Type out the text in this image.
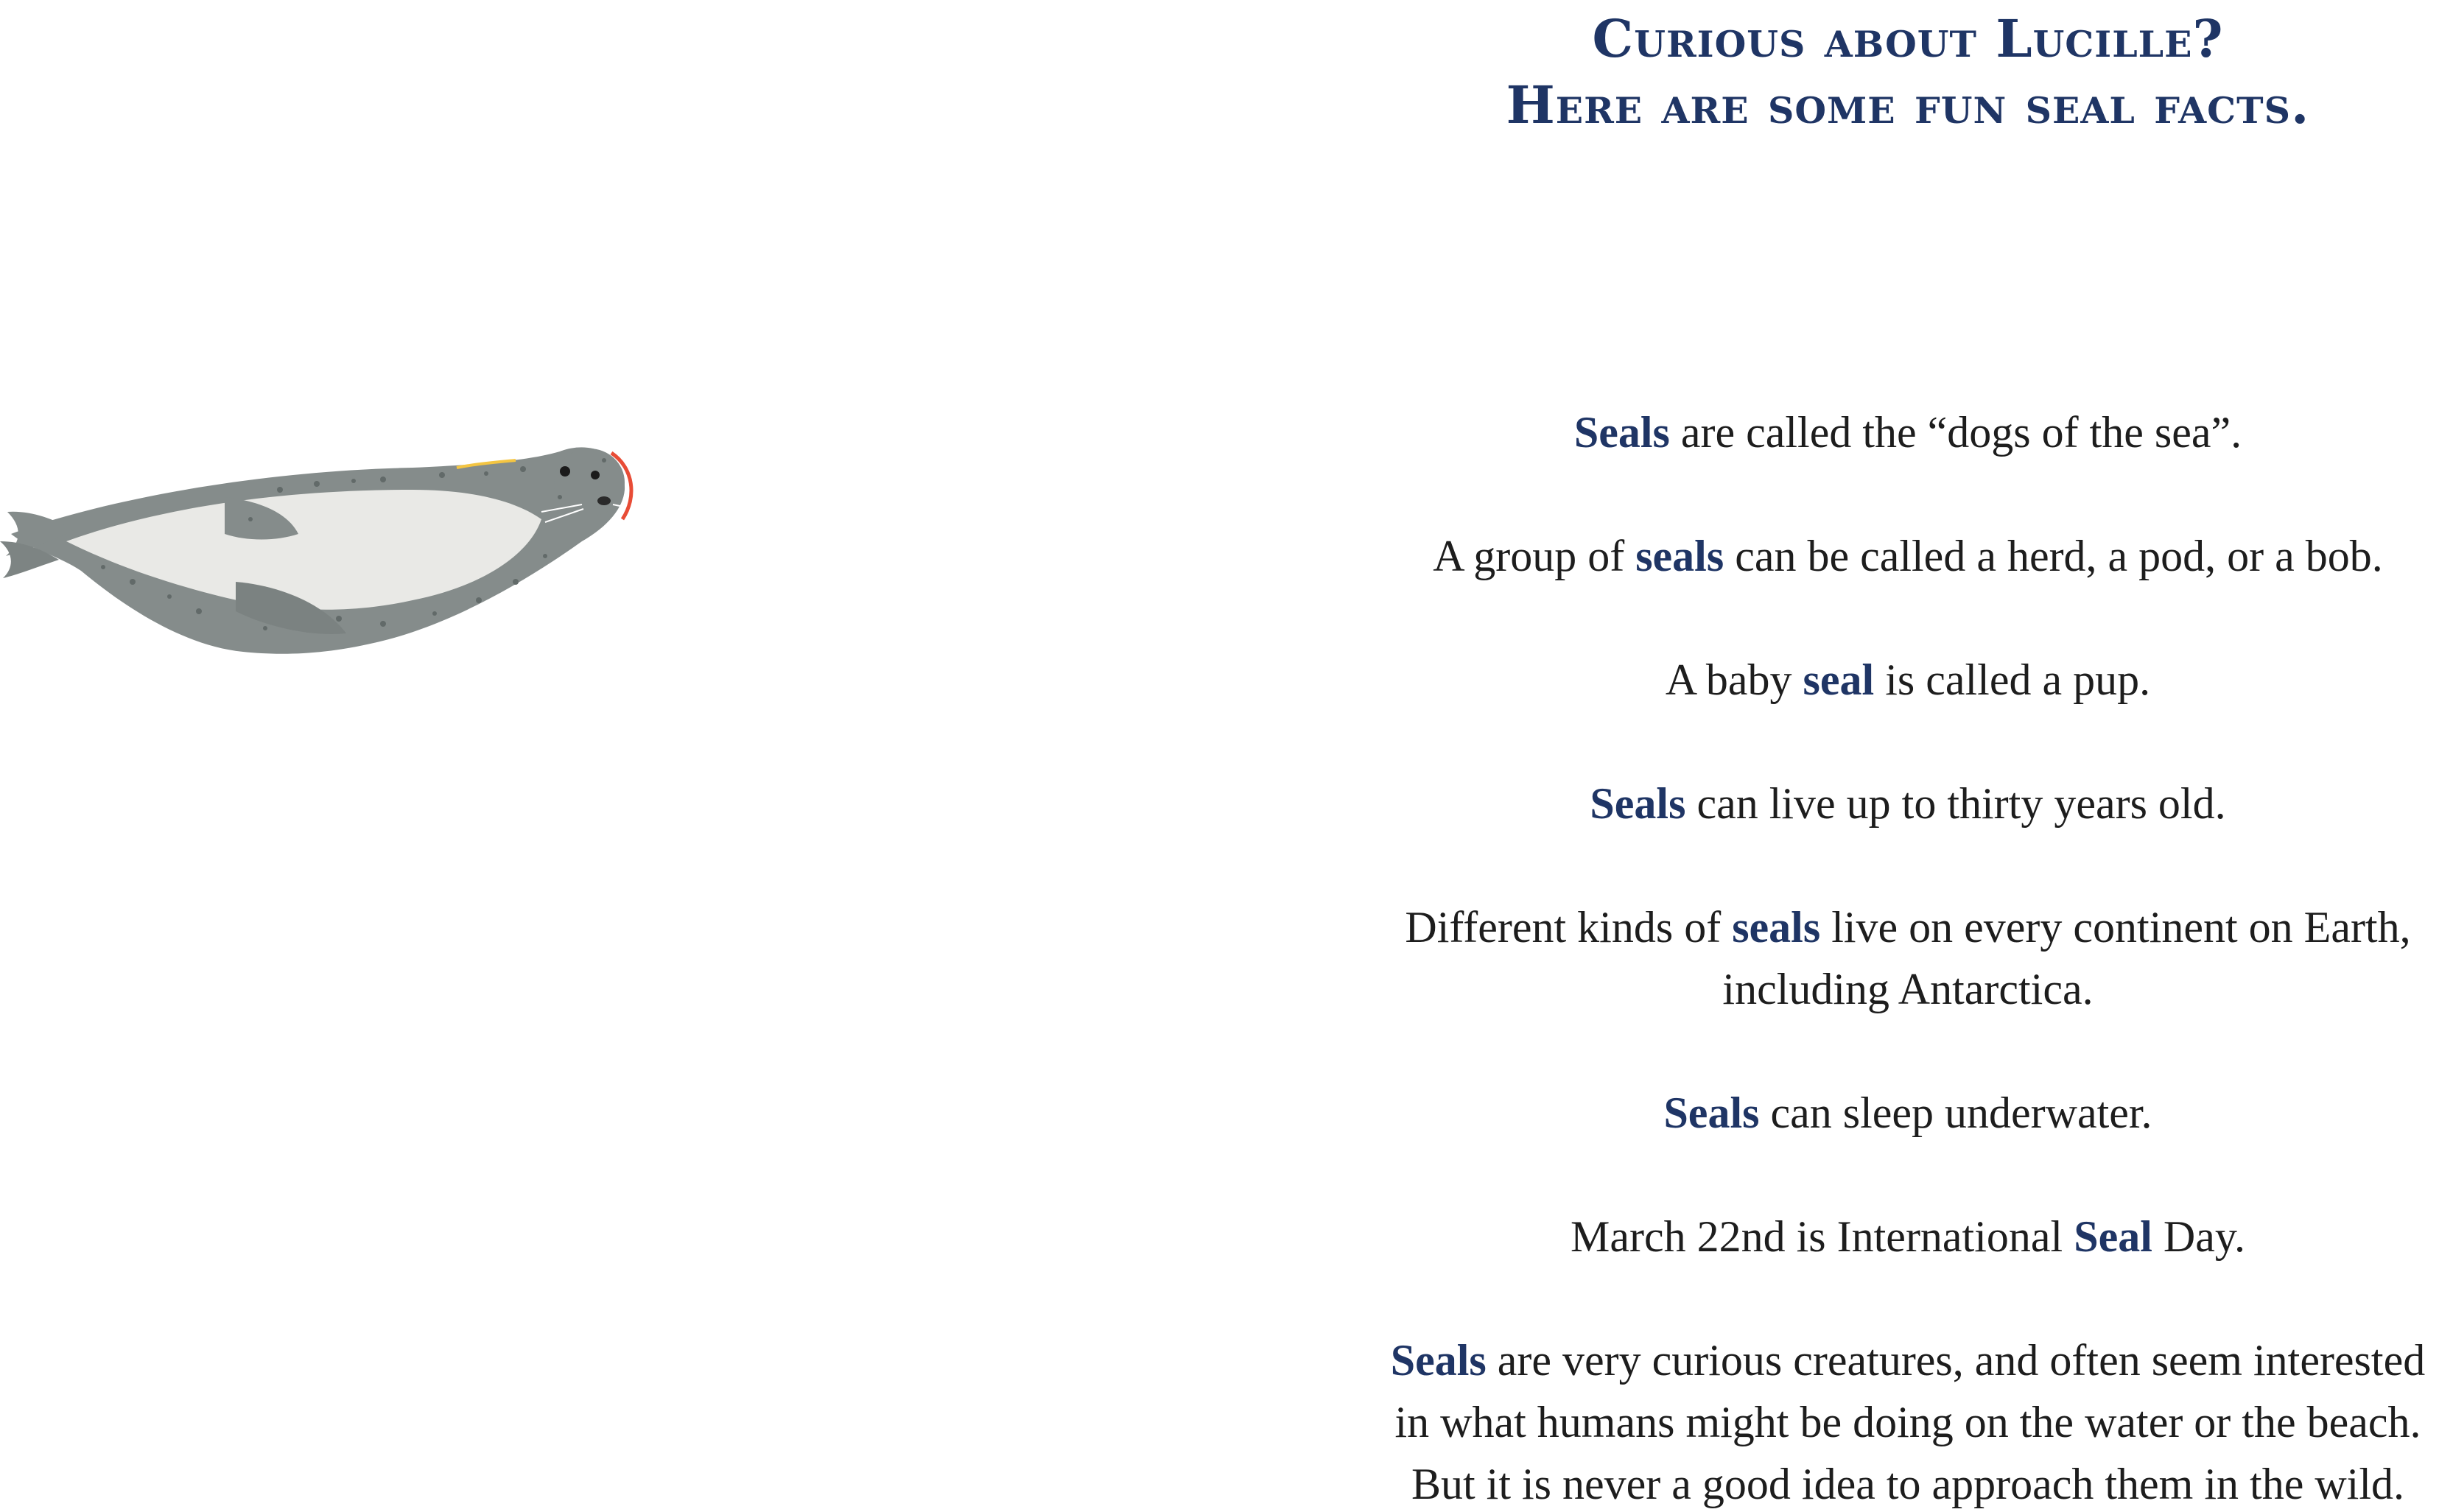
Curious about Lucille?
Here are some fun seal facts.
Seals are called the “dogs of the sea”.
A group of seals can be called a herd, a pod, or a bob.
A baby seal is called a pup.
Seals can live up to thirty years old.
Different kinds of seals live on every continent on Earth, including Antarctica.
Seals can sleep underwater.
March 22nd is International Seal Day.
Seals are very curious creatures, and often seem interested in what humans might be doing on the water or the beach. But it is never a good idea to approach them in the wild.
